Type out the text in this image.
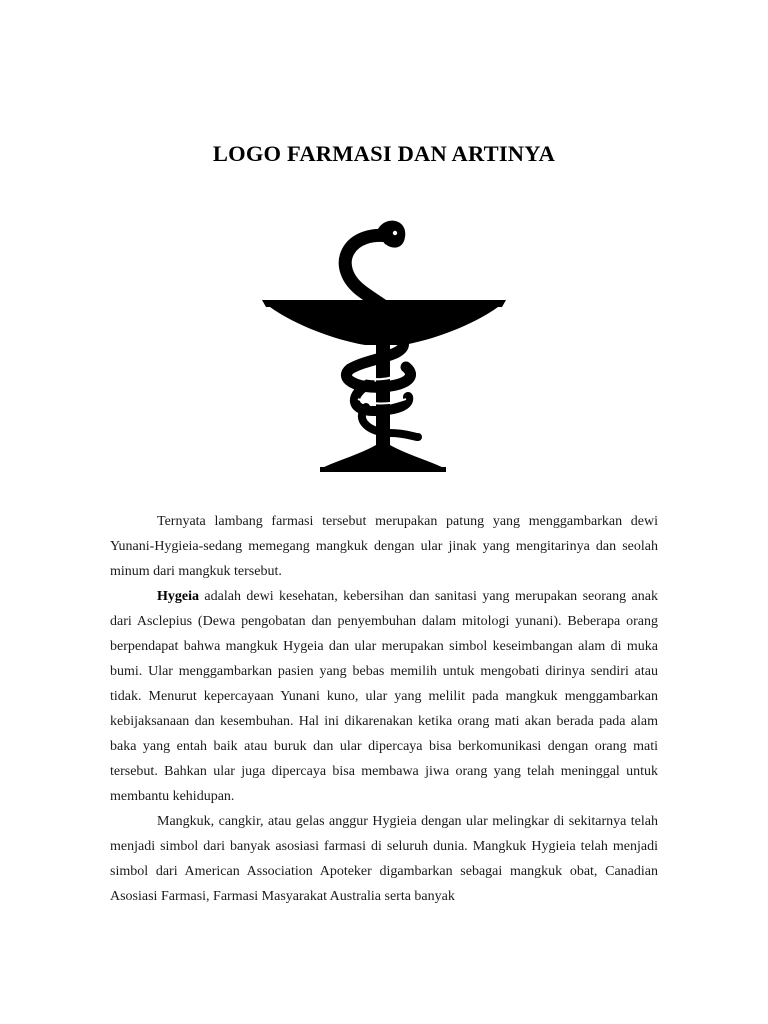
LOGO FARMASI DAN ARTINYA

Ternyata lambang farmasi tersebut merupakan patung yang menggambarkan dewi Yunani-Hygieia-sedang memegang mangkuk dengan ular jinak yang mengitarinya dan seolah minum dari mangkuk tersebut.

Hygeia adalah dewi kesehatan, kebersihan dan sanitasi yang merupakan seorang anak dari Asclepius (Dewa pengobatan dan penyembuhan dalam mitologi yunani). Beberapa orang berpendapat bahwa mangkuk Hygeia dan ular merupakan simbol keseimbangan alam di muka bumi. Ular menggambarkan pasien yang bebas memilih untuk mengobati dirinya sendiri atau tidak. Menurut kepercayaan Yunani kuno, ular yang melilit pada mangkuk menggambarkan kebijaksanaan dan kesembuhan. Hal ini dikarenakan ketika orang mati akan berada pada alam baka yang entah baik atau buruk dan ular dipercaya bisa berkomunikasi dengan orang mati tersebut. Bahkan ular juga dipercaya bisa membawa jiwa orang yang telah meninggal untuk membantu kehidupan.

Mangkuk, cangkir, atau gelas anggur Hygieia dengan ular melingkar di sekitarnya telah menjadi simbol dari banyak asosiasi farmasi di seluruh dunia. Mangkuk Hygieia telah menjadi simbol dari American Association Apoteker digambarkan sebagai mangkuk obat, Canadian Asosiasi Farmasi, Farmasi Masyarakat Australia serta banyak
